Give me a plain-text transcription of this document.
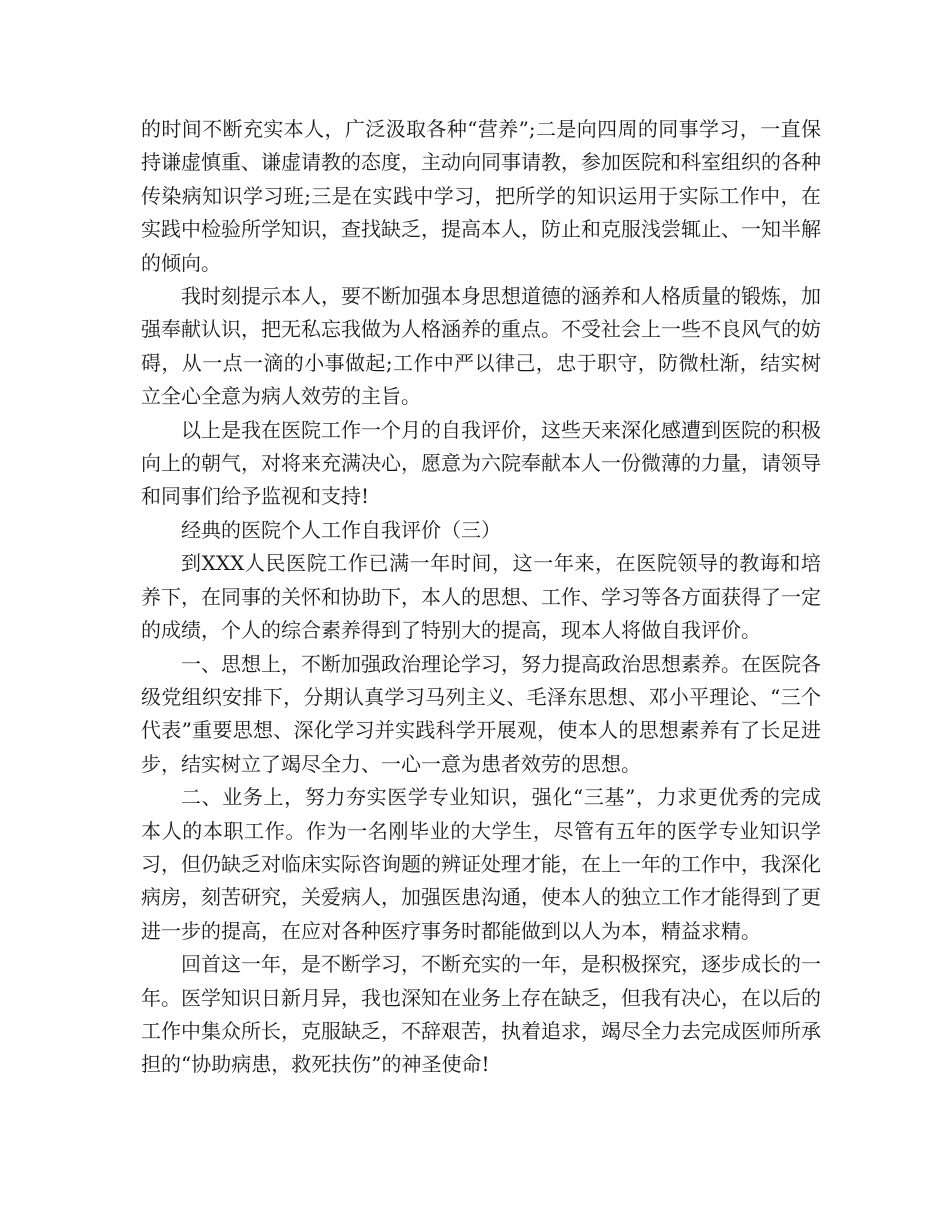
的时间不断充实本人，广泛汲取各种“营养”;二是向四周的同事学习，一直保持谦虚慎重、谦虚请教的态度，主动向同事请教，参加医院和科室组织的各种传染病知识学习班;三是在实践中学习，把所学的知识运用于实际工作中，在实践中检验所学知识，查找缺乏，提高本人，防止和克服浅尝辄止、一知半解的倾向。

我时刻提示本人，要不断加强本身思想道德的涵养和人格质量的锻炼，加强奉献认识，把无私忘我做为人格涵养的重点。不受社会上一些不良风气的妨碍，从一点一滴的小事做起;工作中严以律己，忠于职守，防微杜渐，结实树立全心全意为病人效劳的主旨。

以上是我在医院工作一个月的自我评价，这些天来深化感遭到医院的积极向上的朝气，对将来充满决心，愿意为六院奉献本人一份微薄的力量，请领导和同事们给予监视和支持!

经典的医院个人工作自我评价（三）

到XXX人民医院工作已满一年时间，这一年来，在医院领导的教诲和培养下，在同事的关怀和协助下，本人的思想、工作、学习等各方面获得了一定的成绩，个人的综合素养得到了特别大的提高，现本人将做自我评价。

一、思想上，不断加强政治理论学习，努力提高政治思想素养。在医院各级党组织安排下，分期认真学习马列主义、毛泽东思想、邓小平理论、“三个代表”重要思想、深化学习并实践科学开展观，使本人的思想素养有了长足进步，结实树立了竭尽全力、一心一意为患者效劳的思想。

二、业务上，努力夯实医学专业知识，强化“三基”，力求更优秀的完成本人的本职工作。作为一名刚毕业的大学生，尽管有五年的医学专业知识学习，但仍缺乏对临床实际咨询题的辨证处理才能，在上一年的工作中，我深化病房，刻苦研究，关爱病人，加强医患沟通，使本人的独立工作才能得到了更进一步的提高，在应对各种医疗事务时都能做到以人为本，精益求精。

回首这一年，是不断学习，不断充实的一年，是积极探究，逐步成长的一年。医学知识日新月异，我也深知在业务上存在缺乏，但我有决心，在以后的工作中集众所长，克服缺乏，不辞艰苦，执着追求，竭尽全力去完成医师所承担的“协助病患，救死扶伤”的神圣使命!
